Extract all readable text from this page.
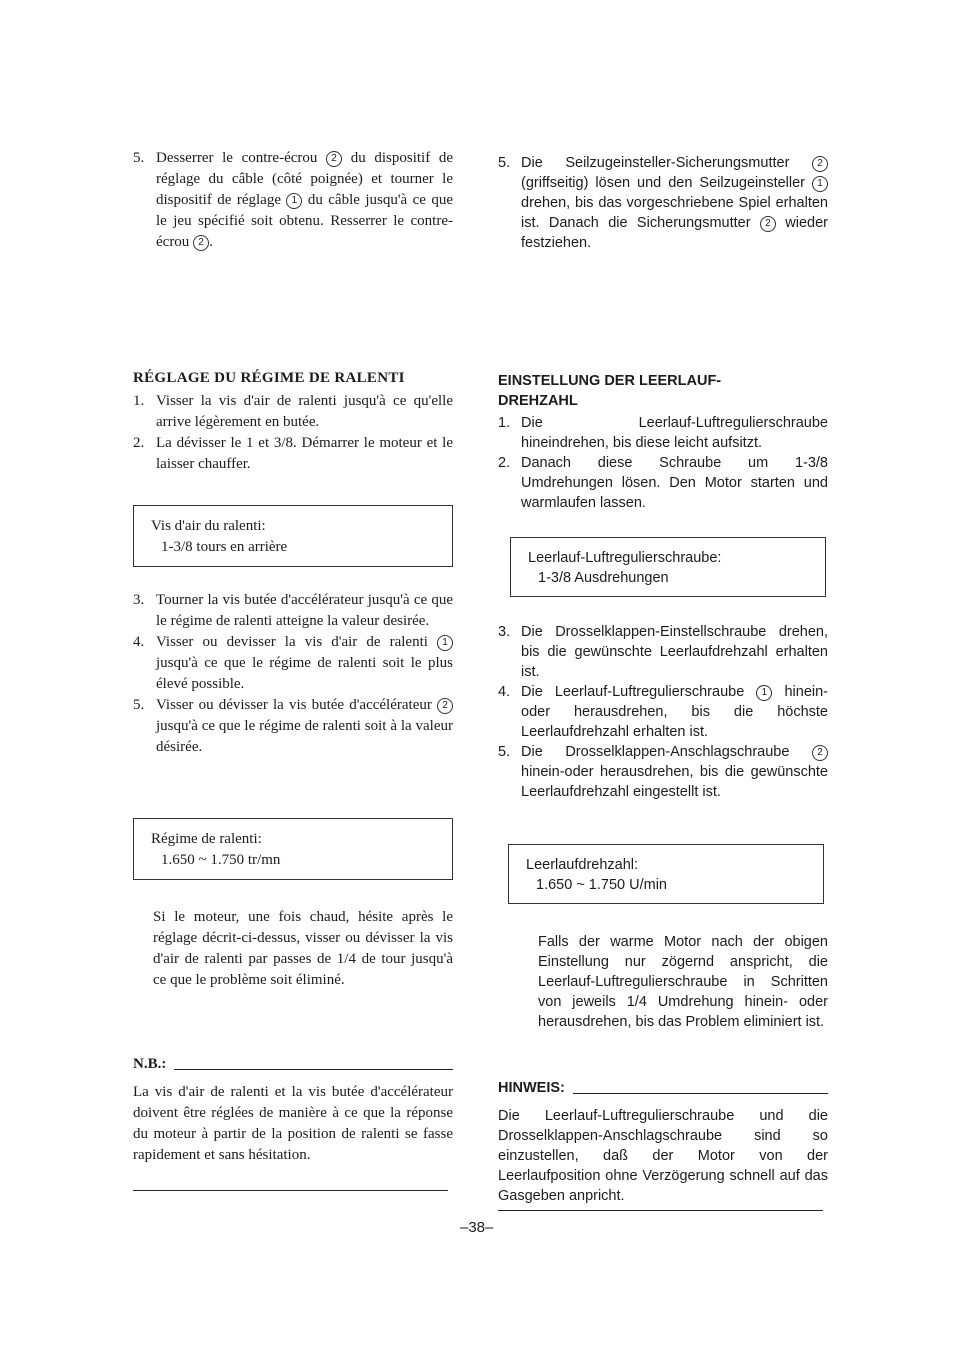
5. Desserrer le contre-écrou 2 du dispositif de réglage du câble (côté poignée) et tourner le dispositif de réglage 1 du câble jusqu'à ce que le jeu spécifié soit obtenu. Resserrer le contre-écrou 2 .

RÉGLAGE DU RÉGIME DE RALENTI

1. Visser la vis d'air de ralenti jusqu'à ce qu'elle arrive légèrement en butée.
2. La dévisser le 1 et 3/8. Démarrer le moteur et le laisser chauffer.
Vis d'air du ralenti:
1-3/8 tours en arrière
3. Tourner la vis butée d'accélérateur jusqu'à ce que le régime de ralenti atteigne la valeur desirée.
4. Visser ou devisser la vis d'air de ralenti 1 jusqu'à ce que le régime de ralenti soit le plus élevé possible.
5. Visser ou dévisser la vis butée d'accélérateur 2 jusqu'à ce que le régime de ralenti soit à la valeur désirée.
Régime de ralenti:
1.650 ~ 1.750 tr/mn

Si le moteur, une fois chaud, hésite après le réglage décrit-ci-dessus, visser ou dévisser la vis d'air de ralenti par passes de 1/4 de tour jusqu'à ce que le problème soit éliminé.

N.B.:

La vis d'air de ralenti et la vis butée d'accélérateur doivent être réglées de manière à ce que la réponse du moteur à partir de la position de ralenti se fasse rapidement et sans hésitation.

5. Die Seilzugeinsteller-Sicherungsmutter	2 (griffseitig) lösen und den Seilzugeinsteller 1 drehen, bis das vorgeschriebene Spiel erhalten ist. Danach die Sicherungsmutter 2 wieder festziehen.

EINSTELLUNG DER LEERLAUF-DREHZAHL

1. Die Leerlauf-Luftregulierschraube hineindrehen, bis diese leicht aufsitzt.
2. Danach diese Schraube um 1-3/8 Umdrehungen lösen. Den Motor starten und warmlaufen lassen.
Leerlauf-Luftregulierschraube:
1-3/8 Ausdrehungen
3. Die Drosselklappen-Einstellschraube drehen, bis die gewünschte Leerlaufdrehzahl erhalten ist.
4. Die Leerlauf-Luftregulierschraube 1 hinein- oder herausdrehen, bis die höchste Leerlaufdrehzahl erhalten ist.
5. Die Drosselklappen-Anschlagschraube	2 hinein-oder herausdrehen, bis die gewünschte Leerlaufdrehzahl eingestellt ist.
Leerlaufdrehzahl:
1.650 ~ 1.750 U/min

Falls der warme Motor nach der obigen Einstellung nur zögernd anspricht, die Leerlauf-Luftregulierschraube in Schritten von jeweils 1/4 Umdrehung hinein- oder herausdrehen, bis das Problem eliminiert ist.

HINWEIS:

Die Leerlauf-Luftregulierschraube und die Drosselklappen-Anschlagschraube sind so einzustellen, daß der Motor von der Leerlaufposition ohne Verzögerung schnell auf das Gasgeben anpricht.

–38–
